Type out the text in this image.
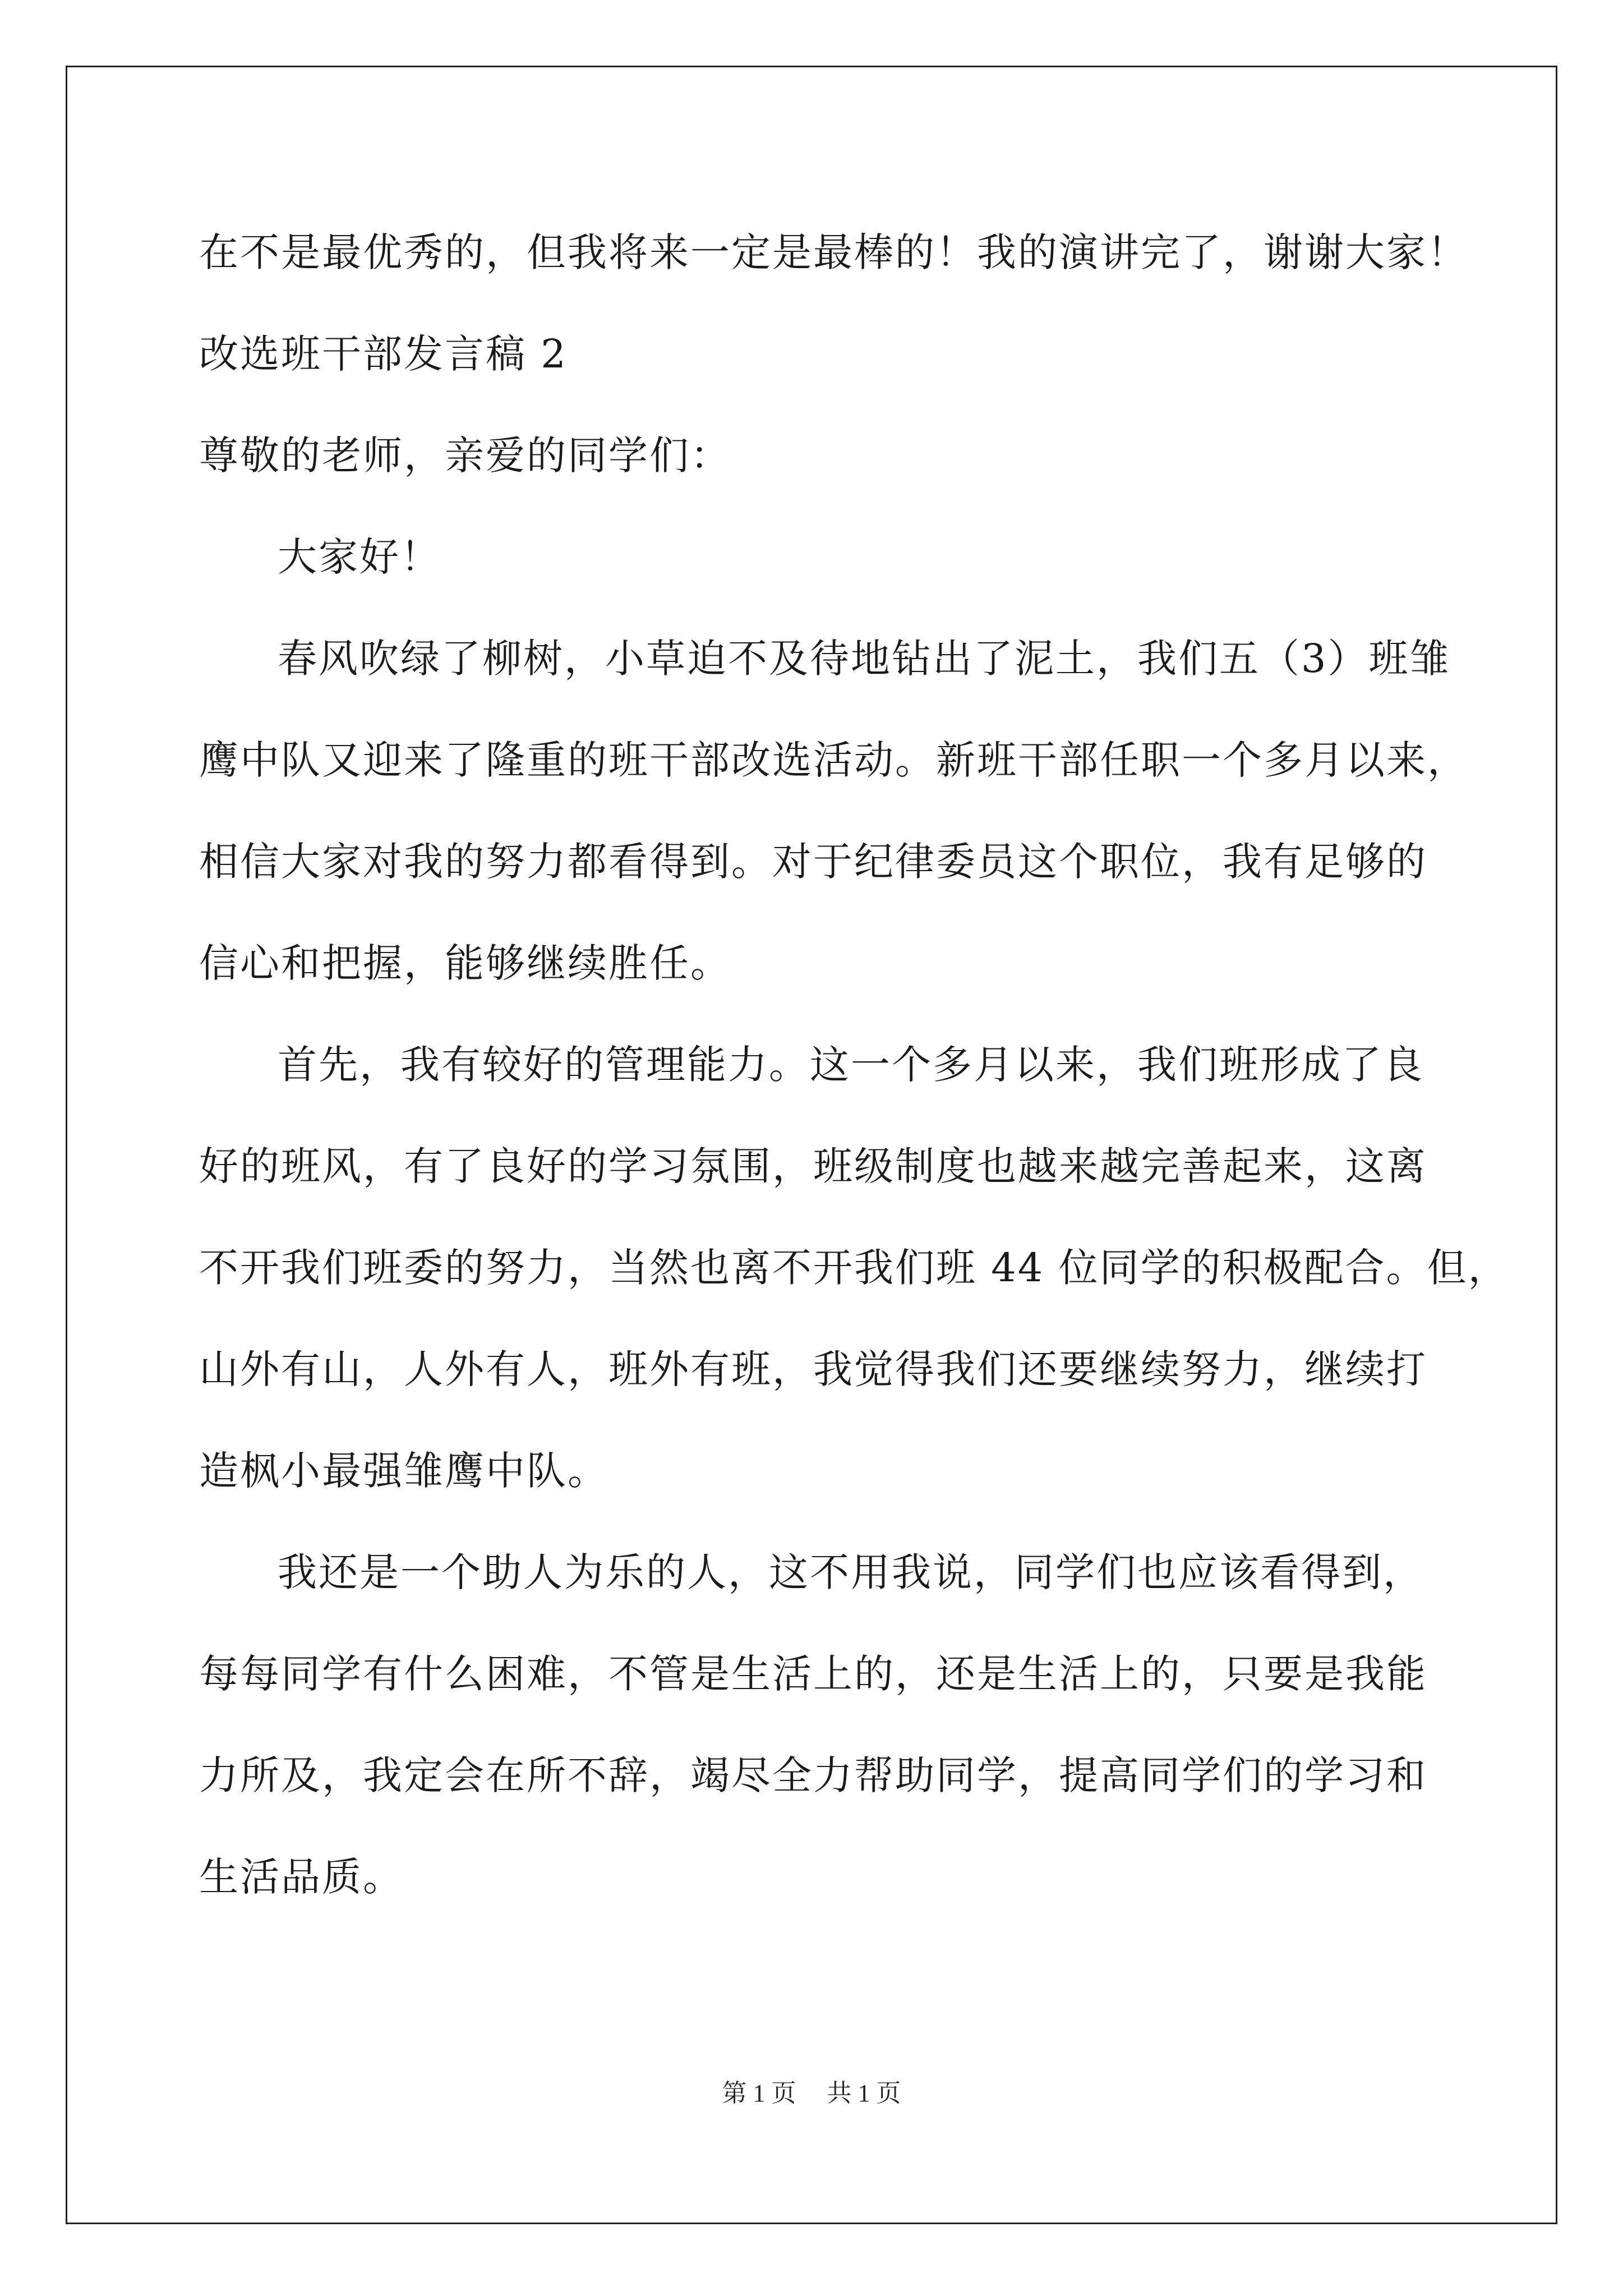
在不是最优秀的，但我将来一定是最棒的！我的演讲完了，谢谢大家！
改选班干部发言稿 2
尊敬的老师，亲爱的同学们：
大家好！
春风吹绿了柳树，小草迫不及待地钻出了泥土，我们五（3）班雏
鹰中队又迎来了隆重的班干部改选活动。新班干部任职一个多月以来，
相信大家对我的努力都看得到。对于纪律委员这个职位，我有足够的
信心和把握，能够继续胜任。
首先，我有较好的管理能力。这一个多月以来，我们班形成了良
好的班风，有了良好的学习氛围，班级制度也越来越完善起来，这离
不开我们班委的努力，当然也离不开我们班 44 位同学的积极配合。但，
山外有山，人外有人，班外有班，我觉得我们还要继续努力，继续打
造枫小最强雏鹰中队。
我还是一个助人为乐的人，这不用我说，同学们也应该看得到，
每每同学有什么困难，不管是生活上的，还是生活上的，只要是我能
力所及，我定会在所不辞，竭尽全力帮助同学，提高同学们的学习和
生活品质。
第 1 页 共 1 页
